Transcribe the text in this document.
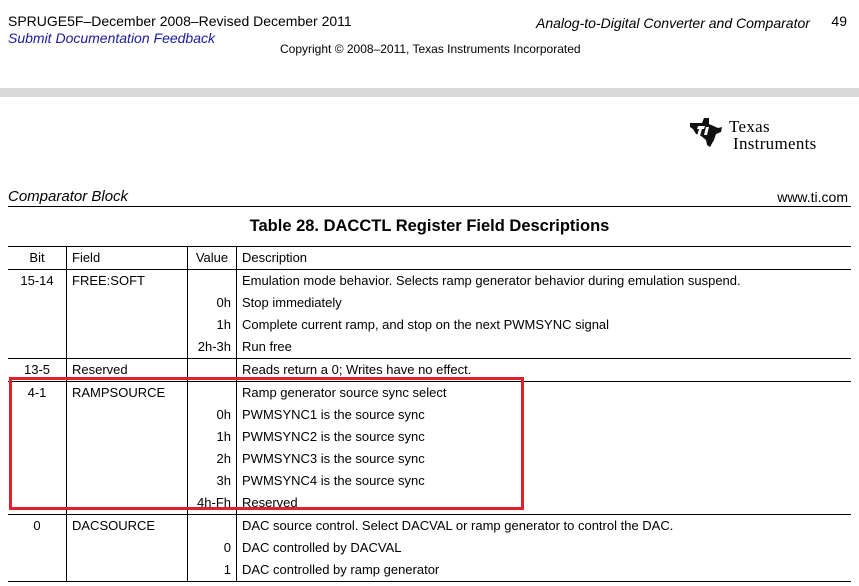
SPRUGE5F–December 2008–Revised December 2011
Submit Documentation Feedback
Analog-to-Digital Converter and Comparator 49
Copyright © 2008–2011, Texas Instruments Incorporated
Texas
Instruments
Comparator Block	www.ti.com
Table 28. DACCTL Register Field Descriptions
Bit	Field	Value	Description
15-14	FREE:SOFT		Emulation mode behavior. Selects ramp generator behavior during emulation suspend.
		0h	Stop immediately
		1h	Complete current ramp, and stop on the next PWMSYNC signal
		2h-3h	Run free
13-5	Reserved		Reads return a 0; Writes have no effect.
4-1	RAMPSOURCE		Ramp generator source sync select
		0h	PWMSYNC1 is the source sync
		1h	PWMSYNC2 is the source sync
		2h	PWMSYNC3 is the source sync
		3h	PWMSYNC4 is the source sync
		4h-Fh	Reserved
0	DACSOURCE		DAC source control. Select DACVAL or ramp generator to control the DAC.
		0	DAC controlled by DACVAL
		1	DAC controlled by ramp generator
